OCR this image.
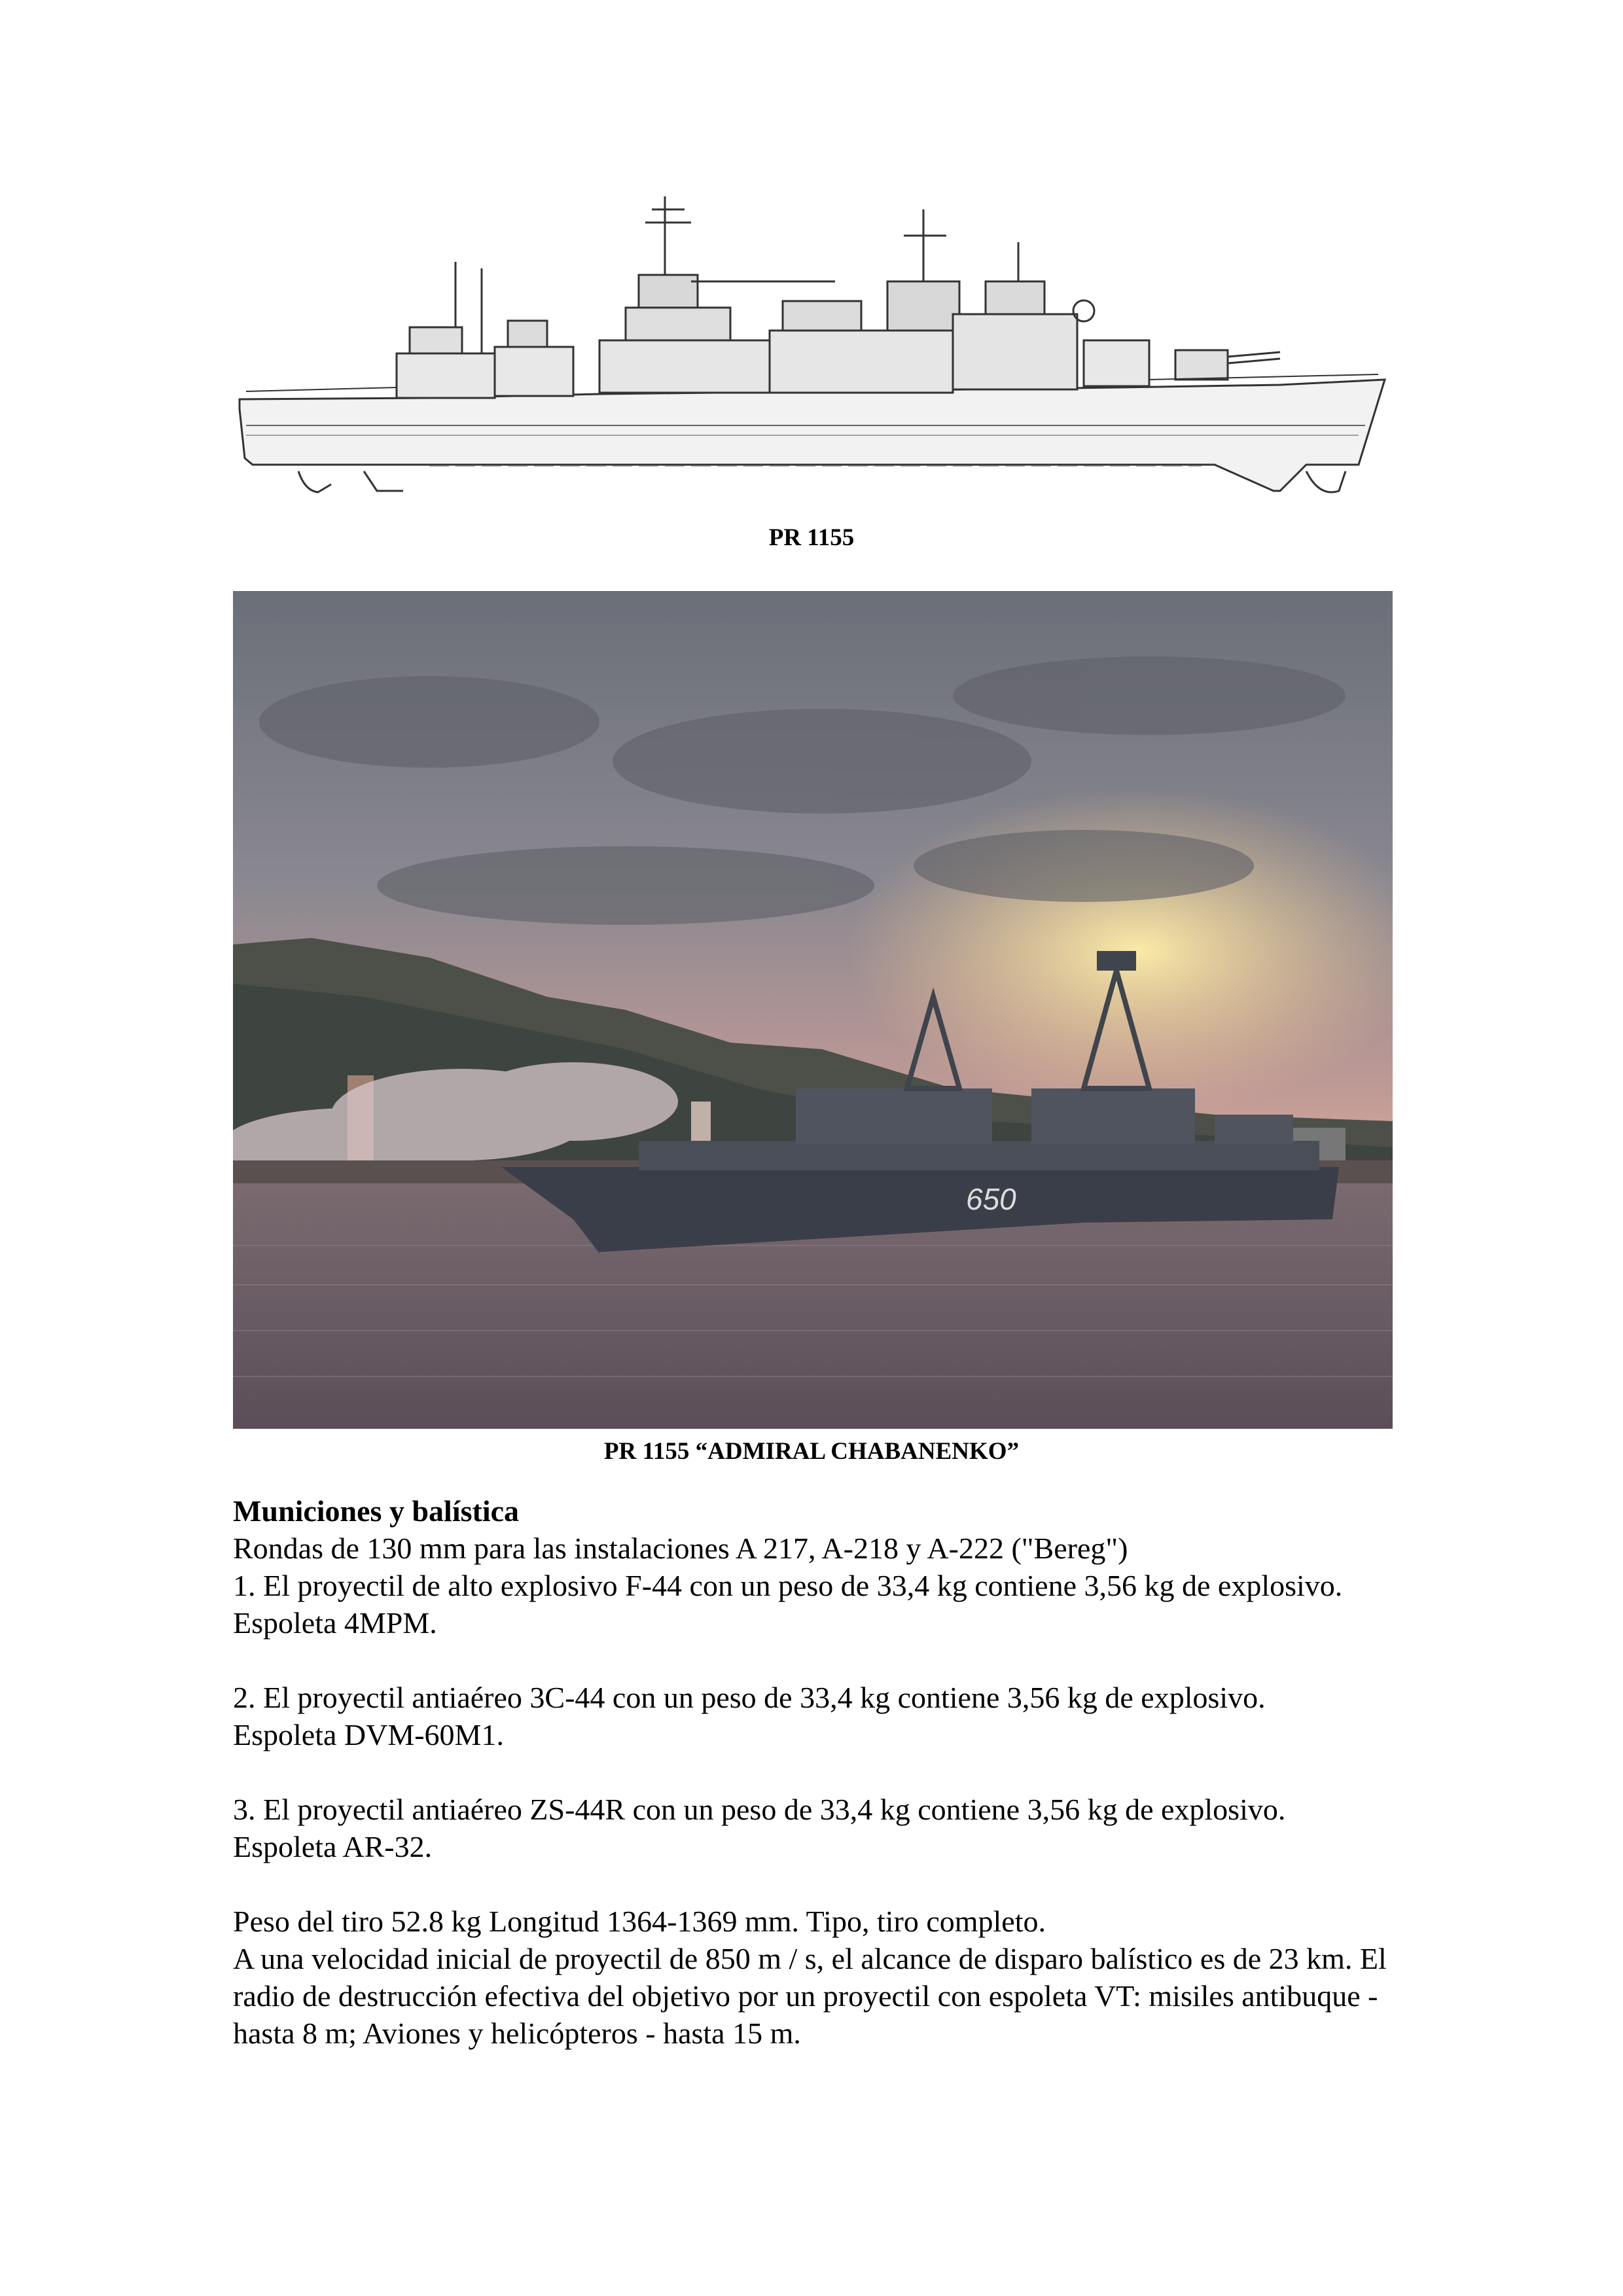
PR 1155
650
PR 1155 “ADMIRAL CHABANENKO”
Municiones y balística

Rondas de 130 mm para las instalaciones A 217, A-218 y A-222 ("Bereg")

1. El proyectil de alto explosivo F-44 con un peso de 33,4 kg contiene 3,56 kg de explosivo.

Espoleta 4MPM.

2. El proyectil antiaéreo 3C-44 con un peso de 33,4 kg contiene 3,56 kg de explosivo.

Espoleta DVM-60M1.

3. El proyectil antiaéreo ZS-44R con un peso de 33,4 kg contiene 3,56 kg de explosivo.

Espoleta AR-32.

Peso del tiro 52.8 kg Longitud 1364-1369 mm. Tipo, tiro completo.

A una velocidad inicial de proyectil de 850 m / s, el alcance de disparo balístico es de 23 km. El radio de destrucción efectiva del objetivo por un proyectil con espoleta VT: misiles antibuque - hasta 8 m; Aviones y helicópteros - hasta 15 m.
